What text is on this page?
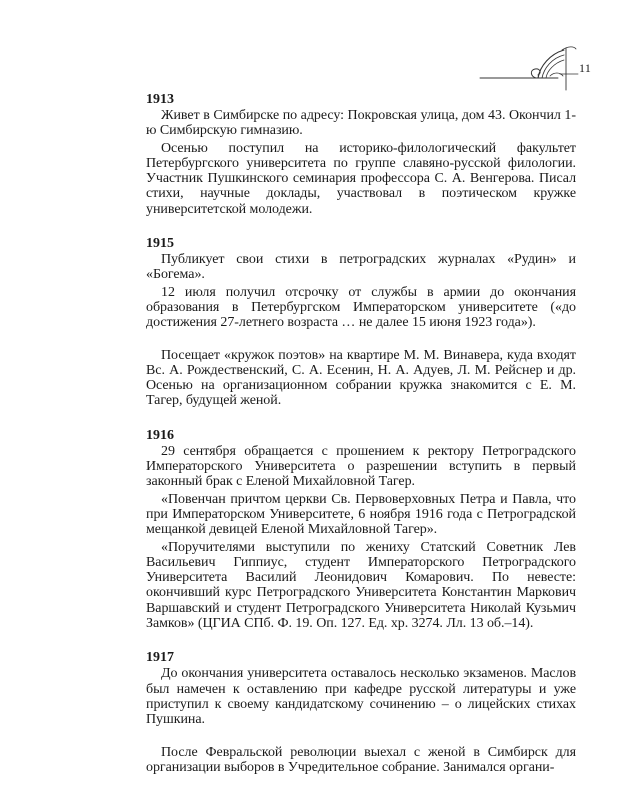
11
1913

Живет в Симбирске по адресу: Покровская улица, дом 43. Окончил 1-ю Симбирскую гимназию.

Осенью поступил на историко-филологический факультет Петербургского университета по группе славяно-русской филологии. Участник Пушкинского семинария профессора С. А. Венгерова. Писал стихи, научные доклады, участвовал в поэтическом кружке университетской молодежи.

1915

Публикует свои стихи в петроградских журналах «Рудин» и «Богема».

12 июля получил отсрочку от службы в армии до окончания образования в Петербургском Императорском университете («до достижения 27-летнего возраста … не далее 15 июня 1923 года»).

Посещает «кружок поэтов» на квартире М. М. Винавера, куда входят Вс. А. Рождественский, С. А. Есенин, Н. А. Адуев, Л. М. Рейснер и др. Осенью на организационном собрании кружка знакомится с Е. М. Тагер, будущей женой.

1916

29 сентября обращается с прошением к ректору Петроградского Императорского Университета о разрешении вступить в первый законный брак с Еленой Михайловной Тагер.

«Повенчан причтом церкви Св. Первоверховных Петра и Павла, что при Императорском Университете, 6 ноября 1916 года с Петроградской мещанкой девицей Еленой Михайловной Тагер».

«Поручителями выступили по жениху Статский Советник Лев Васильевич Гиппиус, студент Императорского Петроградского Университета Василий Леонидович Комарович. По невесте: окончивший курс Петроградского Университета Константин Маркович Варшавский и студент Петроградского Университета Николай Кузьмич Замков» (ЦГИА СПб. Ф. 19. Оп. 127. Ед. хр. 3274. Лл. 13 об.–14).

1917

До окончания университета оставалось несколько экзаменов. Маслов был намечен к оставлению при кафедре русской литературы и уже приступил к своему кандидатскому сочинению – о лицейских стихах Пушкина.

После Февральской революции выехал с женой в Симбирск для организации выборов в Учредительное собрание. Занимался органи-
